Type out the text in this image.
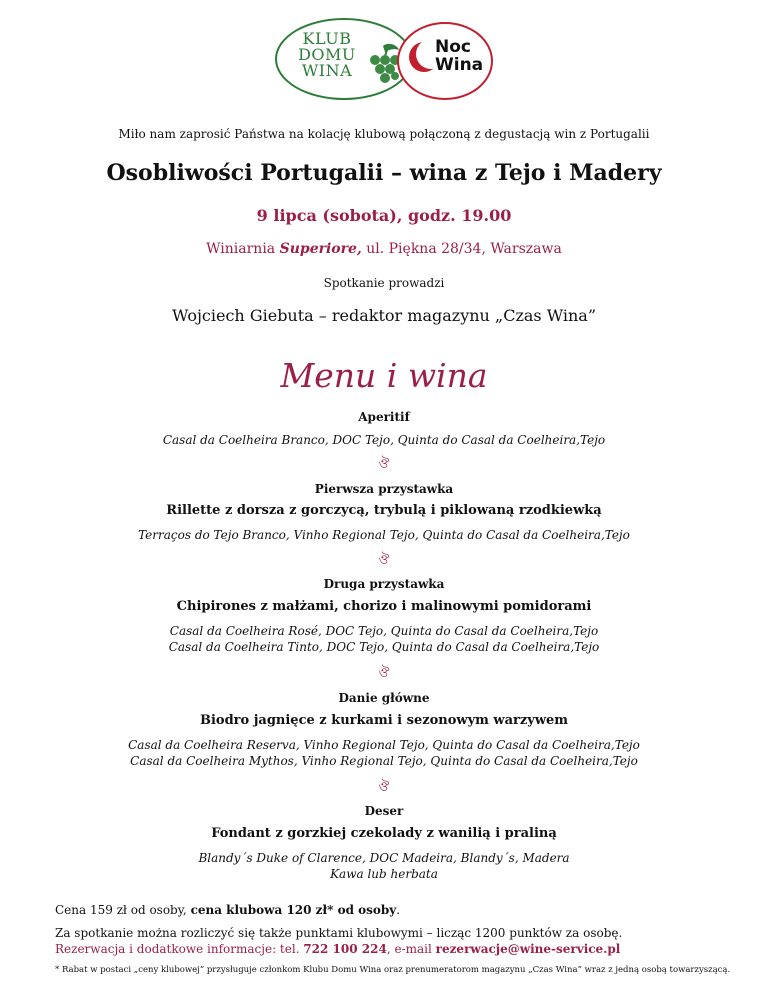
KLUB
DOMU
WINA
Noc
Wina
Miło nam zaprosić Państwa na kolację klubową połączoną z degustacją win z Portugalii
Osobliwości Portugalii – wina z Tejo i Madery
9 lipca (sobota), godz. 19.00
Winiarnia Superiore, ul. Piękna 28/34, Warszawa
Spotkanie prowadzi
Wojciech Giebuta – redaktor magazynu „Czas Wina”
Menu i wina
Aperitif
Casal da Coelheira Branco, DOC Tejo, Quinta do Casal da Coelheira,Tejo
ঔ
Pierwsza przystawka
Rillette z dorsza z gorczycą, trybulą i piklowaną rzodkiewką
Terraços do Tejo Branco, Vinho Regional Tejo, Quinta do Casal da Coelheira,Tejo
ঔ
Druga przystawka
Chipirones z małżami, chorizo i malinowymi pomidorami
Casal da Coelheira Rosé, DOC Tejo, Quinta do Casal da Coelheira,Tejo
Casal da Coelheira Tinto, DOC Tejo, Quinta do Casal da Coelheira,Tejo
ঔ
Danie główne
Biodro jagnięce z kurkami i sezonowym warzywem
Casal da Coelheira Reserva, Vinho Regional Tejo, Quinta do Casal da Coelheira,Tejo
Casal da Coelheira Mythos, Vinho Regional Tejo, Quinta do Casal da Coelheira,Tejo
ঔ
Deser
Fondant z gorzkiej czekolady z wanilią i praliną
Blandy´s Duke of Clarence, DOC Madeira, Blandy´s, Madera
Kawa lub herbata
Cena 159 zł od osoby, cena klubowa 120 zł* od osoby.
Za spotkanie można rozliczyć się także punktami klubowymi – licząc 1200 punktów za osobę.
Rezerwacja i dodatkowe informacje: tel. 722 100 224, e-mail rezerwacje@wine-service.pl
* Rabat w postaci „ceny klubowej” przysługuje członkom Klubu Domu Wina oraz prenumeratorom magazynu „Czas Wina” wraz z jedną osobą towarzyszącą.
